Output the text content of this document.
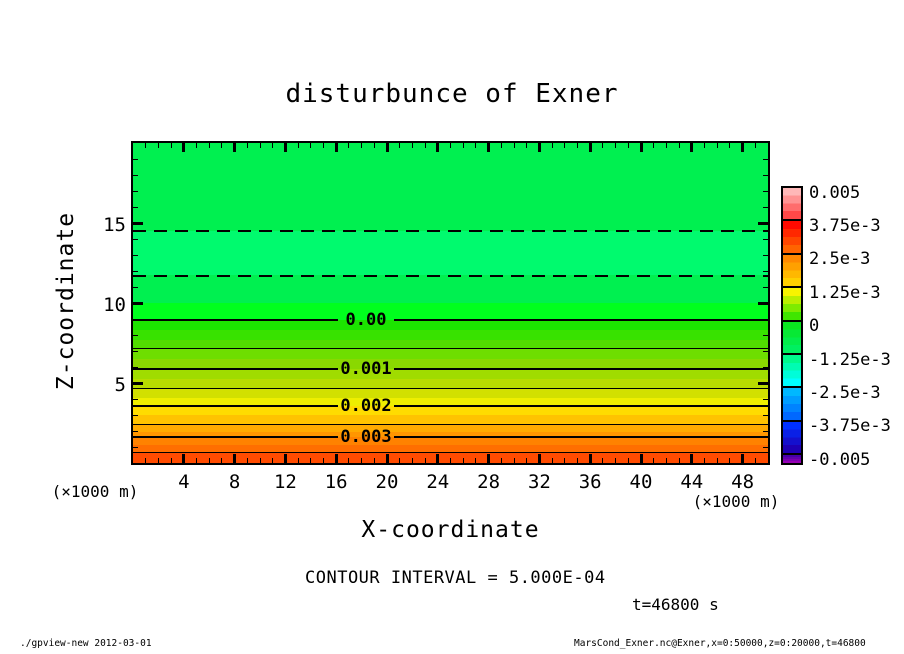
disturbunce of Exner
0.00
0.001
0.002
0.003
Z-coordinate
X-coordinate
(×1000 m)
(×1000 m)
CONTOUR INTERVAL = 5.000E-04
t=46800 s
./gpview-new 2012-03-01	MarsCond_Exner.nc@Exner,x=0:50000,z=0:20000,t=46800
4	8	12	16	20	24	28	32	36	40	44	48
5
10
15
0.005
3.75e-3
2.5e-3
1.25e-3
0
-1.25e-3
-2.5e-3
-3.75e-3
-0.005
